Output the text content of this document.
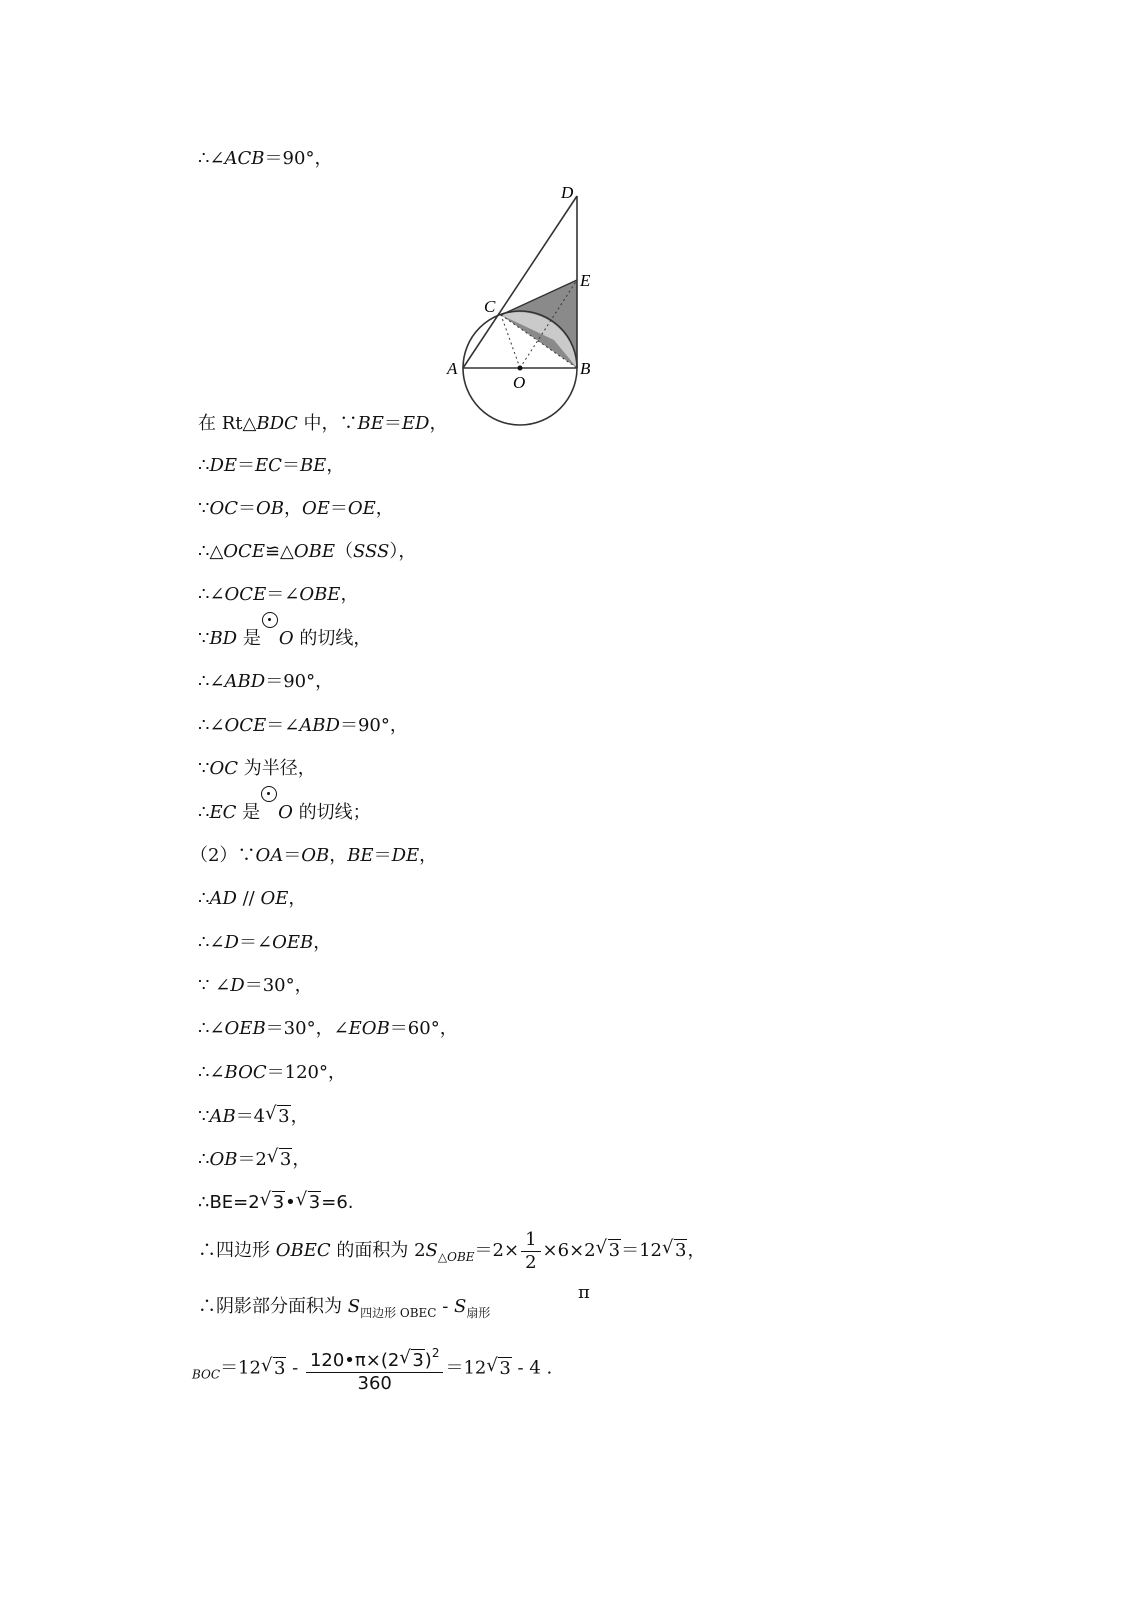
∴∠ACB＝90°，
D
E
C
A	B
O
在 Rt△BDC 中，∵BE＝ED，
∴DE＝EC＝BE，
∵OC＝OB，OE＝OE，
∴△OCE≌△OBE（SSS），
∴∠OCE＝∠OBE，
∵BD 是 O 的切线，
∴∠ABD＝90°，
∴∠OCE＝∠ABD＝90°，
∵OC 为半径，
∴EC 是 O 的切线；
（2）∵OA＝OB，BE＝DE，
∴AD // OE，
∴∠D＝∠OEB，
∵ ∠D＝30°，
∴∠OEB＝30°，∠EOB＝60°，
∴∠BOC＝120°，
∵AB＝4 √ 3，
∴OB＝2 √ 3，
∴BE=2 √ 3• √ 3=6.
∴四边形 OBEC 的面积为 $2S_{\triangle OBE}=2\times \frac{1}{2} \times 6\times 2$ √ 3＝12 √ 3，
∴阴影部分面积为 $S_{四边形 OBEC} - S_{扇形}$
π
$_{BOC}$＝12 √ $3 - \frac{120•\pi\times(2 √ 3)^2}{360} =12$ √ 3 - 4 .
